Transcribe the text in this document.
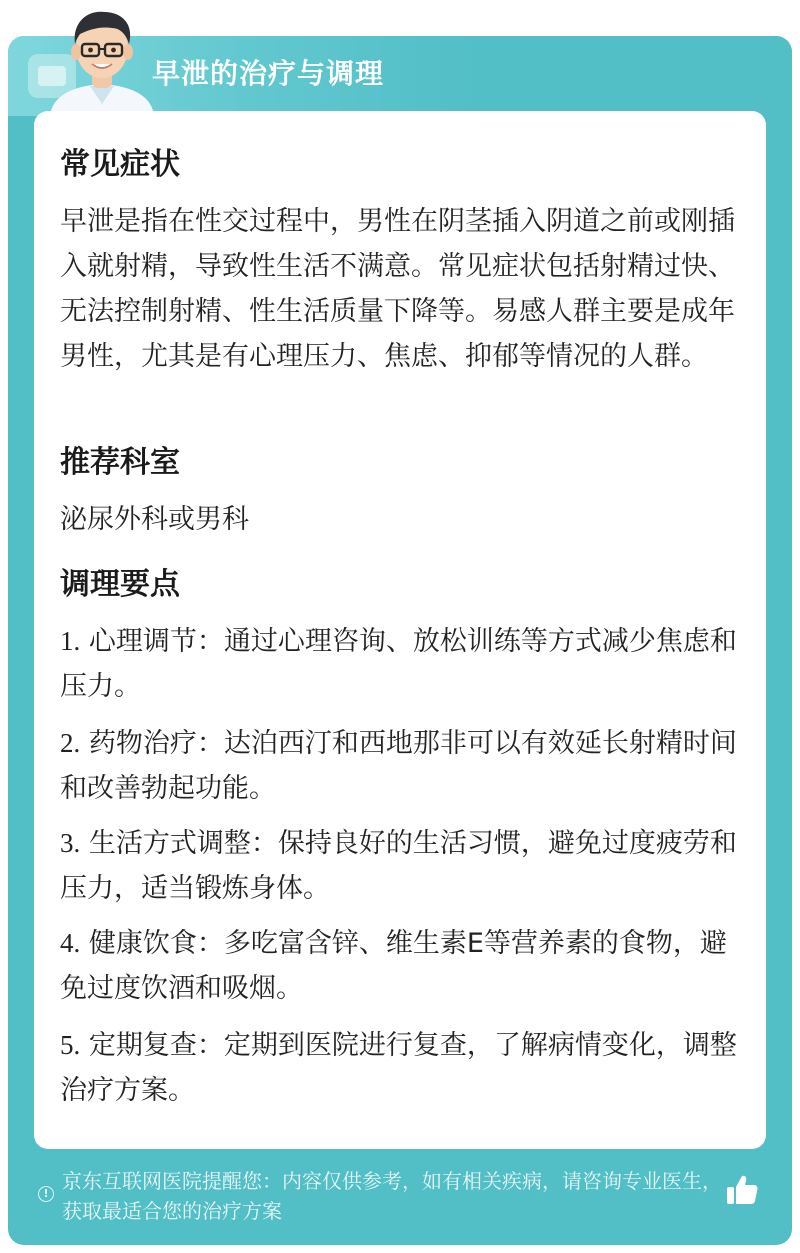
早泄的治疗与调理
常见症状

早泄是指在性交过程中，男性在阴茎插入阴道之前或刚插入就射精，导致性生活不满意。常见症状包括射精过快、无法控制射精、性生活质量下降等。易感人群主要是成年男性，尤其是有心理压力、焦虑、抑郁等情况的人群。

推荐科室

泌尿外科或男科

调理要点

1. 心理调节：通过心理咨询、放松训练等方式减少焦虑和压力。

2. 药物治疗：达泊西汀和西地那非可以有效延长射精时间和改善勃起功能。

3. 生活方式调整：保持良好的生活习惯，避免过度疲劳和压力，适当锻炼身体。

4. 健康饮食：多吃富含锌、维生素E等营养素的食物，避免过度饮酒和吸烟。

5. 定期复查：定期到医院进行复查，了解病情变化，调整治疗方案。

!
京东互联网医院提醒您：内容仅供参考，如有相关疾病，请咨询专业医生，获取最适合您的治疗方案
